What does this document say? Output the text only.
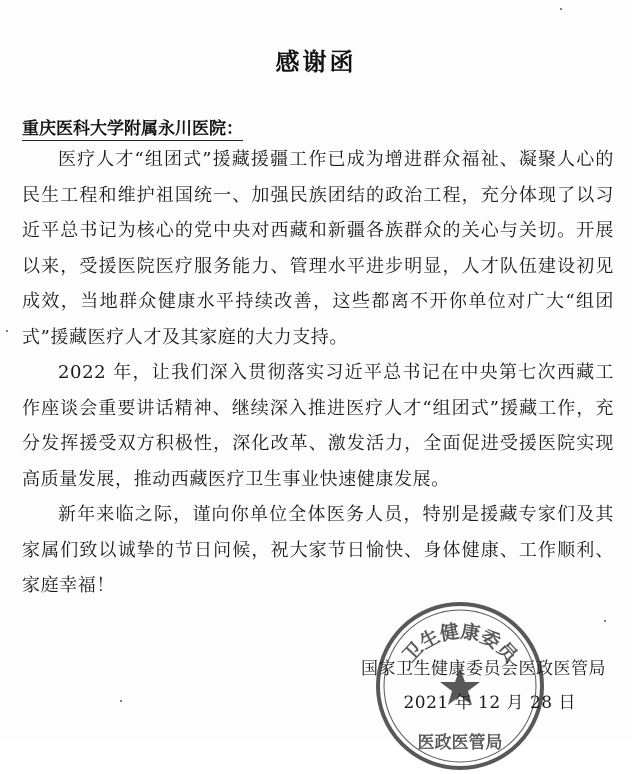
感谢函
重庆医科大学附属永川医院：

医疗人才“组团式”援藏援疆工作已成为增进群众福祉、凝聚人心的民生工程和维护祖国统一、加强民族团结的政治工程，充分体现了以习近平总书记为核心的党中央对西藏和新疆各族群众的关心与关切。开展以来，受援医院医疗服务能力、管理水平进步明显，人才队伍建设初见成效，当地群众健康水平持续改善，这些都离不开你单位对广大“组团式”援藏医疗人才及其家庭的大力支持。

2022 年，让我们深入贯彻落实习近平总书记在中央第七次西藏工作座谈会重要讲话精神、继续深入推进医疗人才“组团式”援藏工作，充分发挥援受双方积极性，深化改革、激发活力，全面促进受援医院实现高质量发展，推动西藏医疗卫生事业快速健康发展。

新年来临之际，谨向你单位全体医务人员，特别是援藏专家们及其家属们致以诚挚的节日问候，祝大家节日愉快、身体健康、工作顺利、家庭幸福！

卫生健康委员
医政医管局
国家卫生健康委员会医政医管局
2021 年 12 月 28 日
